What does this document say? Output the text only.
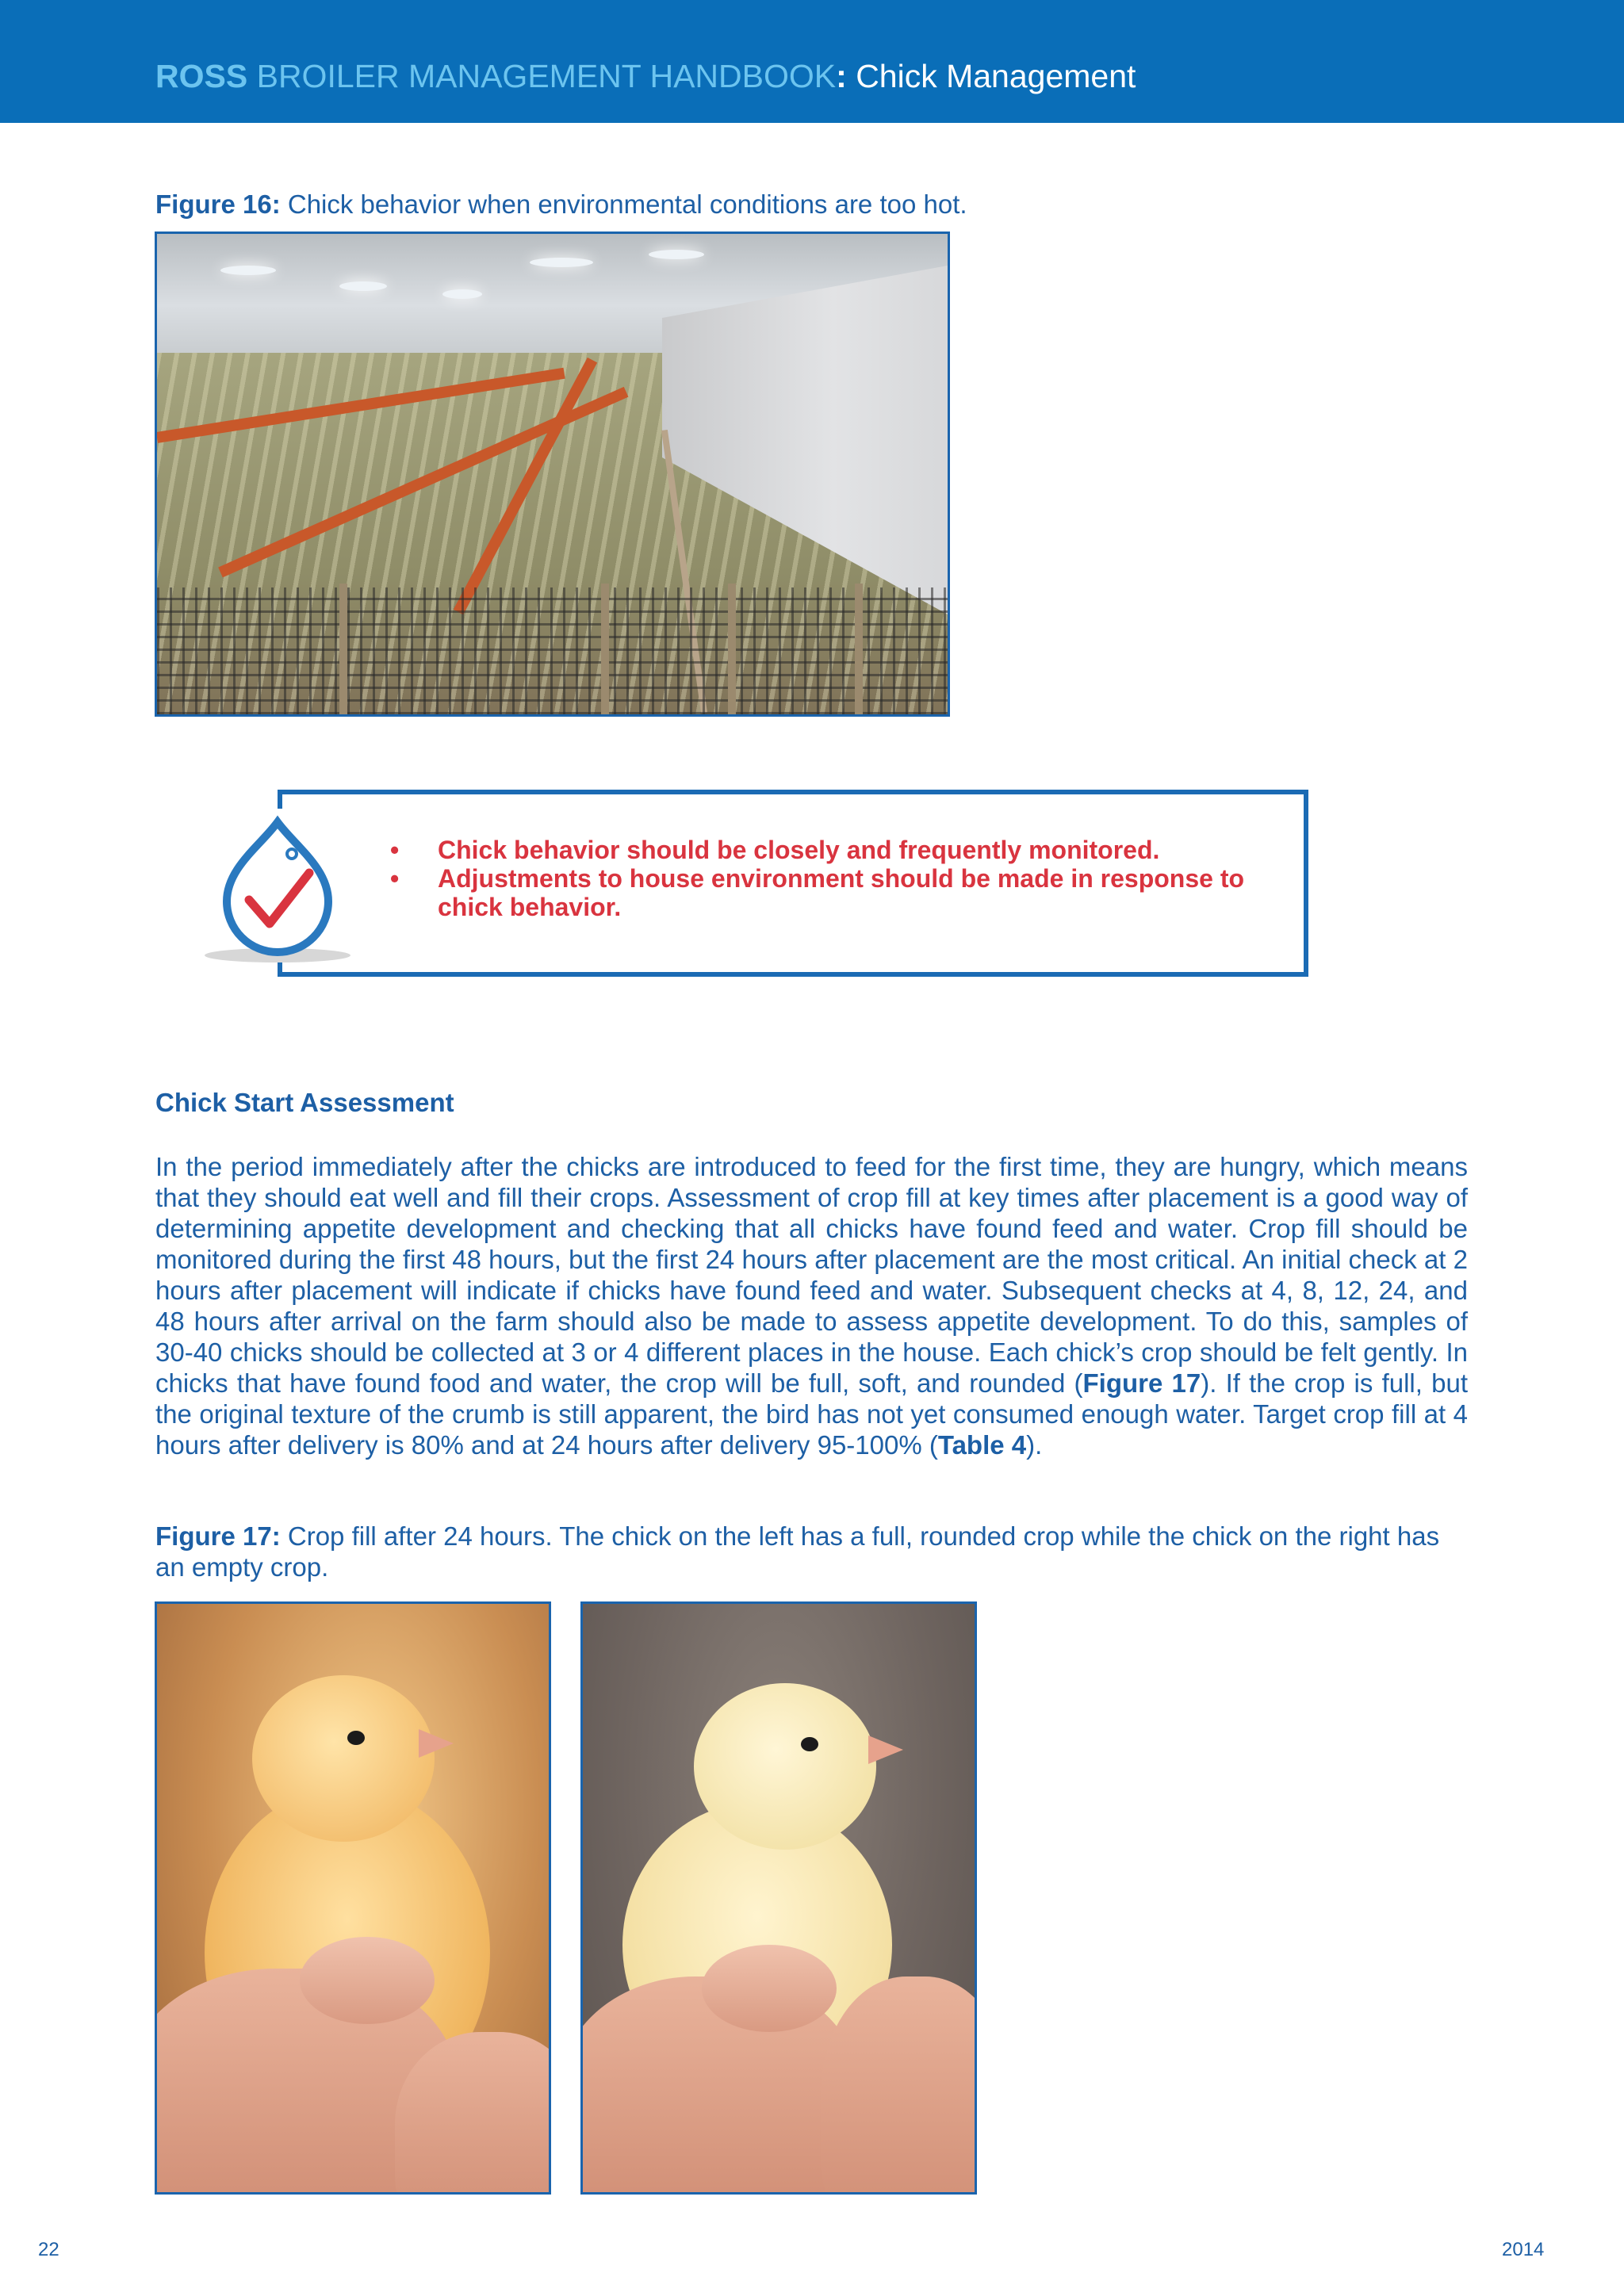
ROSS BROILER MANAGEMENT HANDBOOK: Chick Management
Figure 16: Chick behavior when environmental conditions are too hot.
• Chick behavior should be closely and frequently monitored.
• Adjustments to house environment should be made in response to chick behavior.
Chick Start Assessment
In the period immediately after the chicks are introduced to feed for the first time, they are hungry, which means that they should eat well and fill their crops. Assessment of crop fill at key times after placement is a good way of determining appetite development and checking that all chicks have found feed and water. Crop fill should be monitored during the first 48 hours, but the first 24 hours after placement are the most critical. An initial check at 2 hours after placement will indicate if chicks have found feed and water. Subsequent checks at 4, 8, 12, 24, and 48 hours after arrival on the farm should also be made to assess appetite development. To do this, samples of 30-40 chicks should be collected at 3 or 4 different places in the house. Each chick’s crop should be felt gently. In chicks that have found food and water, the crop will be full, soft, and rounded (Figure 17). If the crop is full, but the original texture of the crumb is still apparent, the bird has not yet consumed enough water. Target crop fill at 4 hours after delivery is 80% and at 24 hours after delivery 95-100% (Table 4).
Figure 17: Crop fill after 24 hours. The chick on the left has a full, rounded crop while the chick on the right has an empty crop.
22	2014
